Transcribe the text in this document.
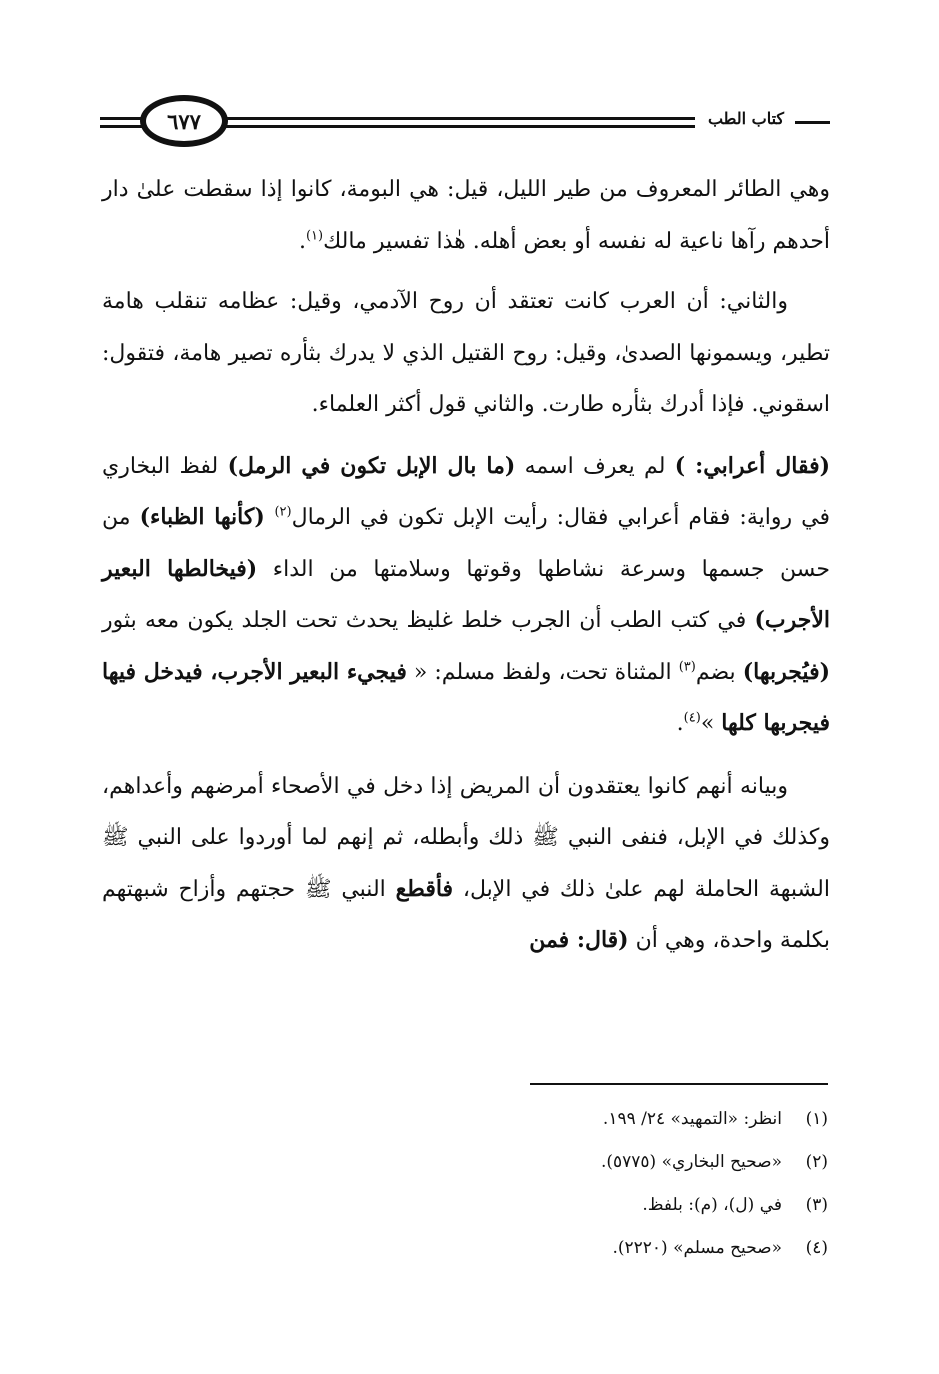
٦٧٧	كتاب الطب

وهي الطائر المعروف من طير الليل، قيل: هي البومة، كانوا إذا سقطت علىٰ دار أحدهم رآها ناعية له نفسه أو بعض أهله. هٰذا تفسير مالك$^{(١)}$.

والثاني: أن العرب كانت تعتقد أن روح الآدمي، وقيل: عظامه تنقلب هامة تطير، ويسمونها الصدىٰ، وقيل: روح القتيل الذي لا يدرك بثأره تصير هامة، فتقول: اسقوني. فإذا أدرك بثأره طارت. والثاني قول أكثر العلماء.

(فقال أعرابي: ) لم يعرف اسمه (ما بال الإبل تكون في الرمل) لفظ البخاري في رواية: فقام أعرابي فقال: رأيت الإبل تكون في الرمال$^{(٢)}$ (كأنها الظباء) من حسن جسمها وسرعة نشاطها وقوتها وسلامتها من الداء (فيخالطها البعير الأجرب) في كتب الطب أن الجرب خلط غليظ يحدث تحت الجلد يكون معه بثور (فيُجربها) بضم$^{(٣)}$ المثناة تحت، ولفظ مسلم: « فيجيء البعير الأجرب، فيدخل فيها فيجربها كلها »$^{(٤)}$.

وبيانه أنهم كانوا يعتقدون أن المريض إذا دخل في الأصحاء أمرضهم وأعداهم، وكذلك في الإبل، فنفى النبي ﷺ ذلك وأبطله، ثم إنهم لما أوردوا على النبي ﷺ الشبهة الحاملة لهم علىٰ ذلك في الإبل، فأقطع النبي ﷺ حجتهم وأزاح شبهتهم بكلمة واحدة، وهي أن (قال: فمن

(١)
انظر: «التمهيد» ٢٤/ ١٩٩.
(٢)
«صحيح البخاري» (٥٧٧٥).
(٣)
في (ل)، (م): بلفظ.
(٤)
«صحيح مسلم» (٢٢٢٠).
